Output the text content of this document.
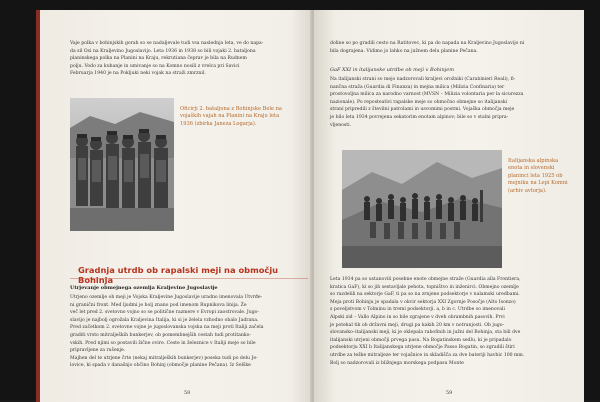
Vaje polka v bohinjskih gorah so se nadaljevale tudi vsa naslednja leta, ve do napa-

da sil Osi na Kraljevino Jugoslavijo. Leta 1936 in 1938 so bili vojaki 2. bataljona

planinskega polka na Planini na Kraju, rekrutiana čeprav je bila na Rudnem

polju. Vodo za kuhanje in umivanje so na Komno nosili z vrelca pri Savici

Februarja 1940 je na Pokljuki neki vojak na straži zmrznil.

Oficirji 2. bataljona z Bohinjske Bele na vojaških vajah na Planini na Kraju leta 1936 (zbirka Janeza Logarja).
Gradnja utrdb ob rapalski meji na območju Bohinja
Utrjevanje obmejnega ozemlja Kraljevine Jugoslavije

Utrjeno ozemlje ob meji je Vojska Kraljevine Jugoslavije uradno imenovala Utvrđe-

ni granični front. Med ljudmi je bolj znano pod imenom Rupnikova linija. Že

več let pred 2. svetovno vojno so se politične razmere v Evropi zaostrovale. Jugo-

slavijo je najbolj ogrožala Kraljevina Italija, ki si je želela vzhodno obalo Jadrana.

Pred začetkom 2. svetovne vojne je jugoslovanska vojska na meji proti Italiji začela

graditi vrsto mitraljeških bunkerjev, ob pomembnejših cestah tudi protitanko-

vskih. Pred njimi so postavili žične ovire. Ceste in železnice v Italiji meje so bile

pripravljene za rušenje.

Majhen del te utrjene črte (nekaj mitraljeških bunkerjev) poseka tudi po delu Je-

lovice, ki spada v današnjo občino Bohinj (območje planine Pečana). Iz Selške

58

doline so po gradili cesto na Ratitovec, ki pa do napada na Kraljevino Jugoslavijo ni

bila dograjena. Vidimo jo lahko na južnem delu planine Pečana.

GaF XXI in italijanske utrdbe ob meji v Bohinjem

Na italijanski strani so mejo nadzorovali kraljevi orožniki (Carabinieri Reali), fi-

nančna straža (Guardia di Finanza) in mejna milica (Milizia Confinaria) ter

prostovoljna milica za narodno varnost (MVSN – Milizia volontaria per la sicurezza

nazionale). Po reposteativi rapalske meje so območno obmejne so italijanski

straní pripredili z številni patrolami in usvomimi postmi. Vojaška območja meje

je bilo leta 1934 povrejena sekatorim enotam alpinov; bile so v stalni pripra-

vljenosti.

Italijanska alpinska enota in slovenski planinci leta 1925 ob mejniku na Lepi Komni (arhiv avtorja).

Leta 1934 pa so ustanovili posebne enote obmejne straže (Guardia alla Frontiera,

kratica GaF), ki so jih sestavljale pehota, topništvo in inženirci. Obmejno ozemlje

so razdelili na sektorje GaF, ti pa so na zrnjene podsektorje v nalamski uredbami.

Meja proti Bohinju je spadala v okvir sektorja XXI Zgornje Posočje (Alto Isonzo)

s poveljstvom v Tolminu in tremi podsektorji. a, b in c. Utrdbe so imenovali

Alpski zid – Vallo Alpino in so bile zgrajene v dveh obrambnih pasovih. Prvi

je potekal tik ob državni meji, drugi pa kakih 20 km v notranjosti. Ob jugo-

slovansko–italijanski meji, ki je oklepala rabofinih in južni del Bohinja, sta bili dve

italijanski utrjeni območji prvega pasu. Na Bogatinskem sedlu, ki je pripadalo

podsektorju XXI b Italijanskega utrjene območje Passo Bogatin, so zgradili štiri

utrdbe za težke mitraljeze ter vojašnice in skladišča za dve bateriji havbic 100 mm.

Bolj so nadzorovali iz bližnjega morskega podpasu Monte

59
